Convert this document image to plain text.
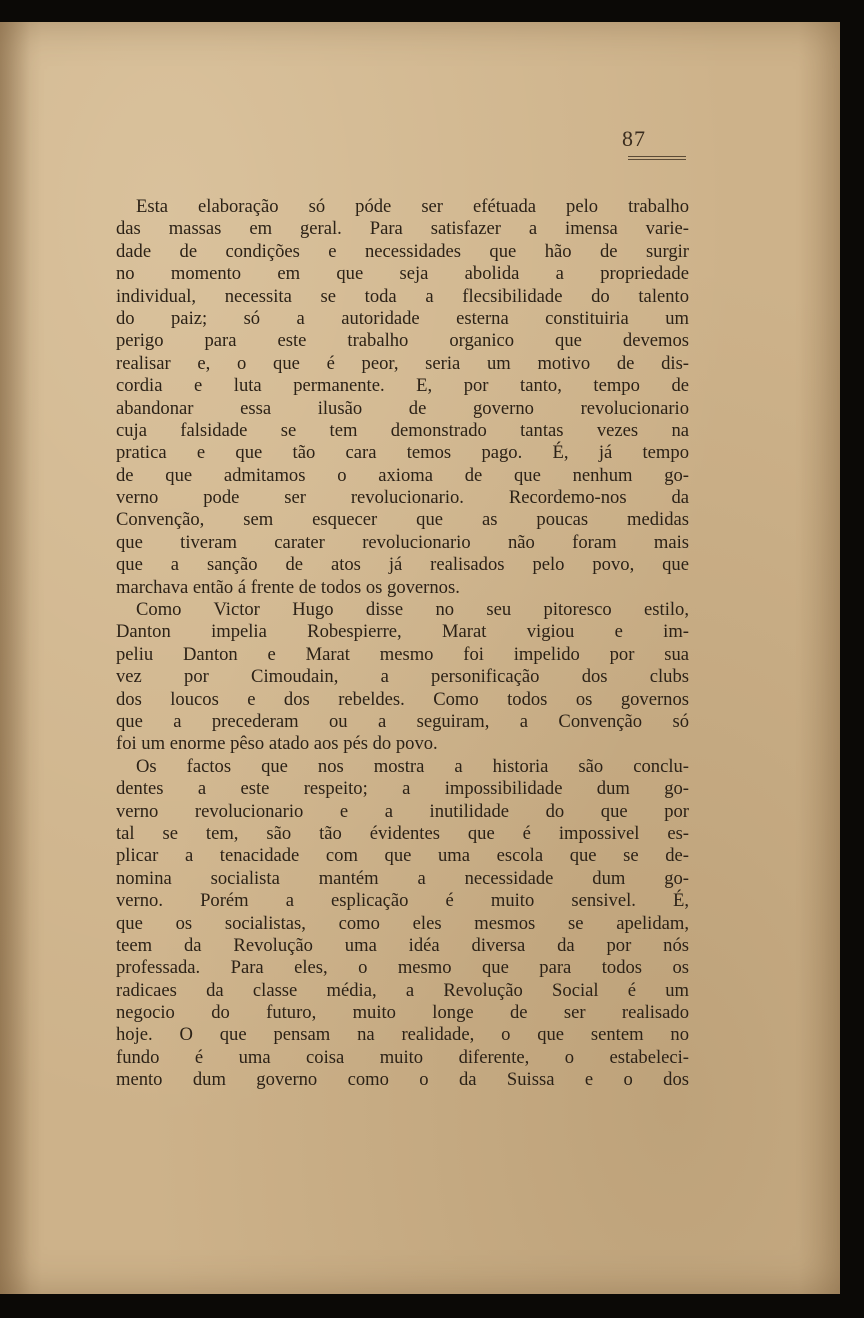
87
Esta elaboração só póde ser efétuada pelo trabalho
das massas em geral. Para satisfazer a imensa varie-
dade de condições e necessidades que hão de surgir
no momento em que seja abolida a propriedade
individual, necessita se toda a flecsibilidade do talento
do paiz; só a autoridade esterna constituiria um
perigo para este trabalho organico que devemos
realisar e, o que é peor, seria um motivo de dis-
cordia e luta permanente. E, por tanto, tempo de
abandonar essa ilusão de governo revolucionario
cuja falsidade se tem demonstrado tantas vezes na
pratica e que tão cara temos pago. É, já tempo
de que admitamos o axioma de que nenhum go-
verno pode ser revolucionario. Recordemo-nos da
Convenção, sem esquecer que as poucas medidas
que tiveram carater revolucionario não foram mais
que a sanção de atos já realisados pelo povo, que
marchava então á frente de todos os governos.
Como Victor Hugo disse no seu pitoresco estilo,
Danton impelia Robespierre, Marat vigiou e im-
peliu Danton e Marat mesmo foi impelido por sua
vez por Cimoudain, a personificação dos clubs
dos loucos e dos rebeldes. Como todos os governos
que a precederam ou a seguiram, a Convenção só
foi um enorme pêso atado aos pés do povo.
Os factos que nos mostra a historia são conclu-
dentes a este respeito; a impossibilidade dum go-
verno revolucionario e a inutilidade do que por
tal se tem, são tão évidentes que é impossivel es-
plicar a tenacidade com que uma escola que se de-
nomina socialista mantém a necessidade dum go-
verno. Porém a esplicação é muito sensivel. É,
que os socialistas, como eles mesmos se apelidam,
teem da Revolução uma idéa diversa da por nós
professada. Para eles, o mesmo que para todos os
radicaes da classe média, a Revolução Social é um
negocio do futuro, muito longe de ser realisado
hoje. O que pensam na realidade, o que sentem no
fundo é uma coisa muito diferente, o estabeleci-
mento dum governo como o da Suissa e o dos
